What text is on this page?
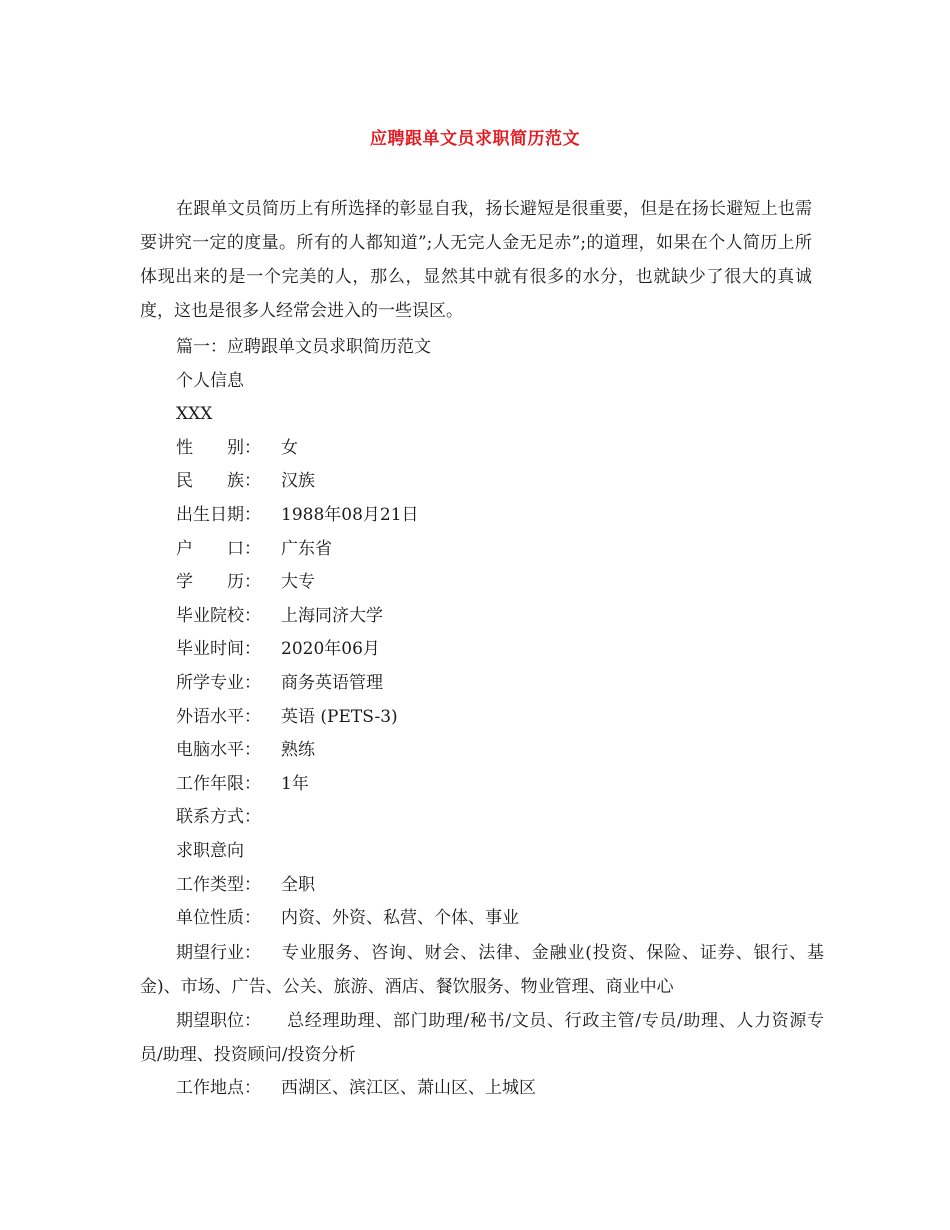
应聘跟单文员求职简历范文
在跟单文员简历上有所选择的彰显自我，扬长避短是很重要，但是在扬长避短上也需要讲究一定的度量。所有的人都知道”;人无完人金无足赤”;的道理，如果在个人简历上所体现出来的是一个完美的人，那么，显然其中就有很多的水分，也就缺少了很大的真诚度，这也是很多人经常会进入的一些误区。
篇一：应聘跟单文员求职简历范文
个人信息
XXX
性　　别：	女
民　　族：	汉族
出生日期：	1988年08月21日
户　　口：	广东省
学　　历：	大专
毕业院校：	上海同济大学
毕业时间：	2020年06月
所学专业：	商务英语管理
外语水平：	英语 (PETS-3)
电脑水平：	熟练
工作年限：	1年
联系方式：
求职意向
工作类型：	全职
单位性质：	内资、外资、私营、个体、事业
期望行业： 专业服务、咨询、财会、法律、金融业(投资、保险、证券、银行、基金)、市场、广告、公关、旅游、酒店、餐饮服务、物业管理、商业中心
期望职位： 总经理助理、部门助理/秘书/文员、行政主管/专员/助理、人力资源专员/助理、投资顾问/投资分析
工作地点：	西湖区、滨江区、萧山区、上城区
